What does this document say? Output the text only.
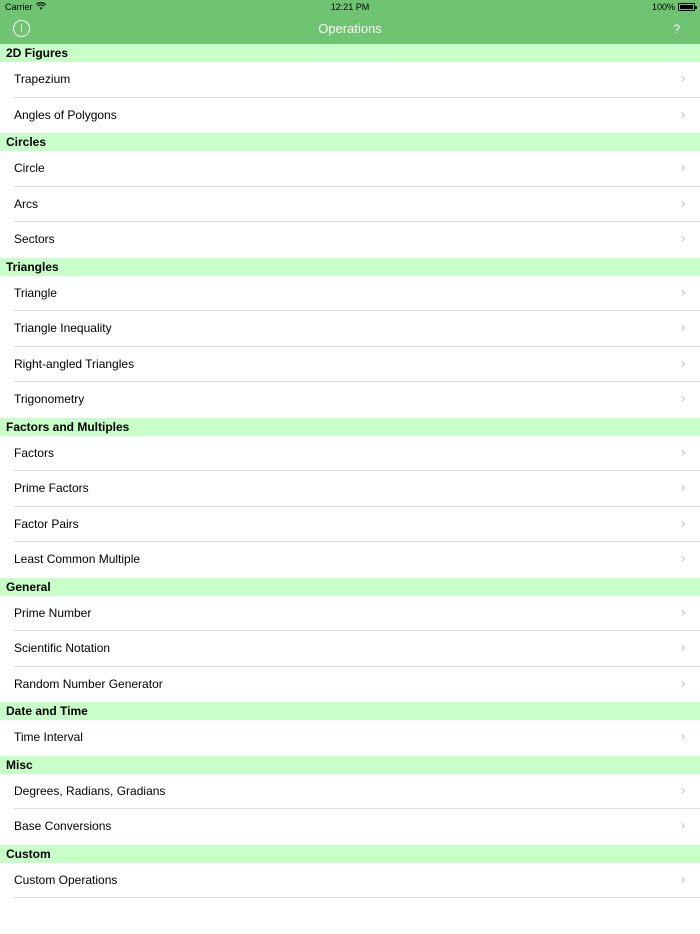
Carrier	12:21 PM	100%
i	Operations	?
2D Figures
Trapezium	›
Angles of Polygons	›
Circles
Circle	›
Arcs	›
Sectors	›
Triangles
Triangle	›
Triangle Inequality	›
Right-angled Triangles	›
Trigonometry	›
Factors and Multiples
Factors	›
Prime Factors	›
Factor Pairs	›
Least Common Multiple	›
General
Prime Number	›
Scientific Notation	›
Random Number Generator	›
Date and Time
Time Interval	›
Misc
Degrees, Radians, Gradians	›
Base Conversions	›
Custom
Custom Operations	›
